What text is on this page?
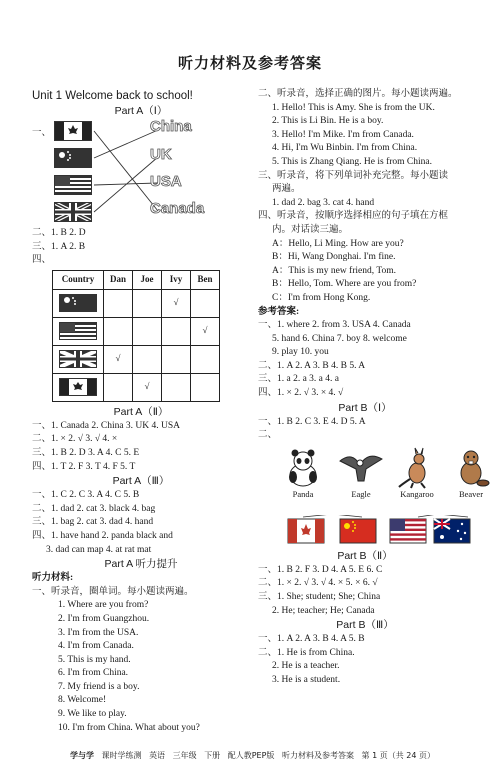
听力材料及参考答案
Unit 1 Welcome back to school!
Part A（Ⅰ）
一、	China
UK
USA
Canada
二、1. B 2. D
三、1. A 2. B
四、
Country	Dan	Joe	Ivy	Ben
			√	
				√
	√			
		√		
Part A（Ⅱ）
一、1. Canada 2. China 3. UK 4. USA
二、1. × 2. √ 3. √ 4. ×
三、1. B 2. D 3. A 4. C 5. E
四、1. T 2. F 3. T 4. F 5. T
Part A（Ⅲ）
一、1. C 2. C 3. A 4. C 5. B
二、1. dad 2. cat 3. black 4. bag
三、1. bag 2. cat 3. dad 4. hand
四、1. have hand 2. panda black and
3. dad can map 4. at rat mat
Part A 听力提升
听力材料:
一、听录音，圈单词。每小题读两遍。
1. Where are you from?
2. I'm from Guangzhou.
3. I'm from the USA.
4. I'm from Canada.
5. This is my hand.
6. I'm from China.
7. My friend is a boy.
8. Welcome!
9. We like to play.
10. I'm from China. What about you?
二、听录音，选择正确的图片。每小题读两遍。
1. Hello! This is Amy. She is from the UK.
2. This is Li Bin. He is a boy.
3. Hello! I'm Mike. I'm from Canada.
4. Hi, I'm Wu Binbin. I'm from China.
5. This is Zhang Qiang. He is from China.
三、听录音，将下列单词补充完整。每小题读
两遍。
1. dad 2. bag 3. cat 4. hand
四、听录音，按顺序选择相应的句子填在方框
内。对话读三遍。
A：Hello, Li Ming. How are you?
B：Hi, Wang Donghai. I'm fine.
A：This is my new friend, Tom.
B：Hello, Tom. Where are you from?
C：I'm from Hong Kong.
参考答案:
一、1. where 2. from 3. USA 4. Canada
5. hand 6. China 7. boy 8. welcome
9. play 10. you
二、1. A 2. A 3. B 4. B 5. A
三、1. a 2. a 3. a 4. a
四、1. × 2. √ 3. × 4. √
Part B（Ⅰ）
一、1. B 2. C 3. E 4. D 5. A
二、
Panda	Eagle	Kangaroo	Beaver
Part B（Ⅱ）
一、1. B 2. F 3. D 4. A 5. E 6. C
二、1. × 2. √ 3. √ 4. × 5. × 6. √
三、1. She; student; She; China
2. He; teacher; He; Canada
Part B（Ⅲ）
一、1. A 2. A 3. B 4. A 5. B
二、1. He is from China.
2. He is a teacher.
3. He is a student.
学与学 课时学练测 英语 三年级 下册 配人教PEP版 听力材料及参考答案 第 1 页（共 24 页）
